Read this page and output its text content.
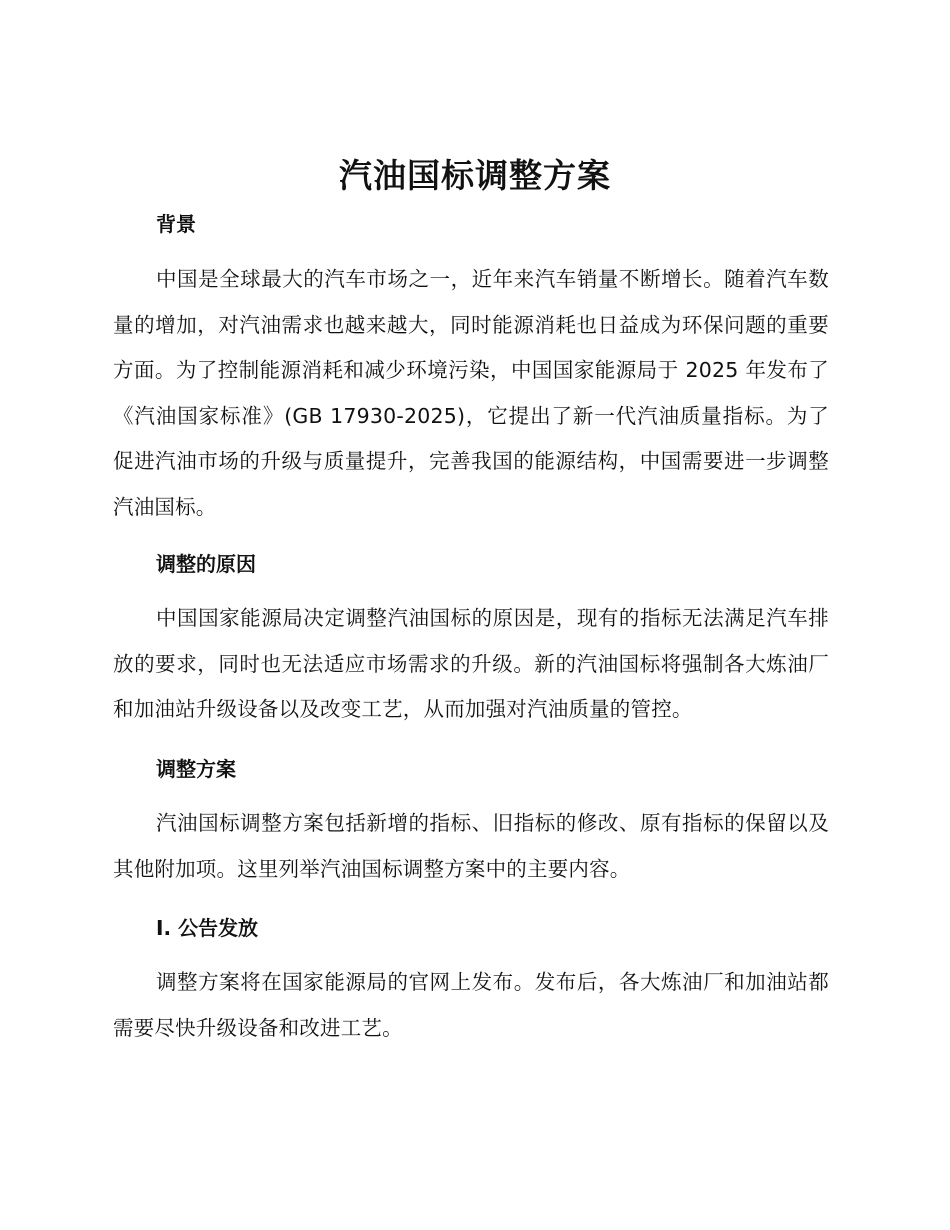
汽油国标调整方案
背景

中国是全球最大的汽车市场之一，近年来汽车销量不断增长。随着汽车数量的增加，对汽油需求也越来越大，同时能源消耗也日益成为环保问题的重要方面。为了控制能源消耗和减少环境污染，中国国家能源局于 2025 年发布了《汽油国家标准》(GB 17930-2025)，它提出了新一代汽油质量指标。为了促进汽油市场的升级与质量提升，完善我国的能源结构，中国需要进一步调整汽油国标。

调整的原因

中国国家能源局决定调整汽油国标的原因是，现有的指标无法满足汽车排放的要求，同时也无法适应市场需求的升级。新的汽油国标将强制各大炼油厂和加油站升级设备以及改变工艺，从而加强对汽油质量的管控。

调整方案

汽油国标调整方案包括新增的指标、旧指标的修改、原有指标的保留以及其他附加项。这里列举汽油国标调整方案中的主要内容。

I. 公告发放

调整方案将在国家能源局的官网上发布。发布后，各大炼油厂和加油站都需要尽快升级设备和改进工艺。
